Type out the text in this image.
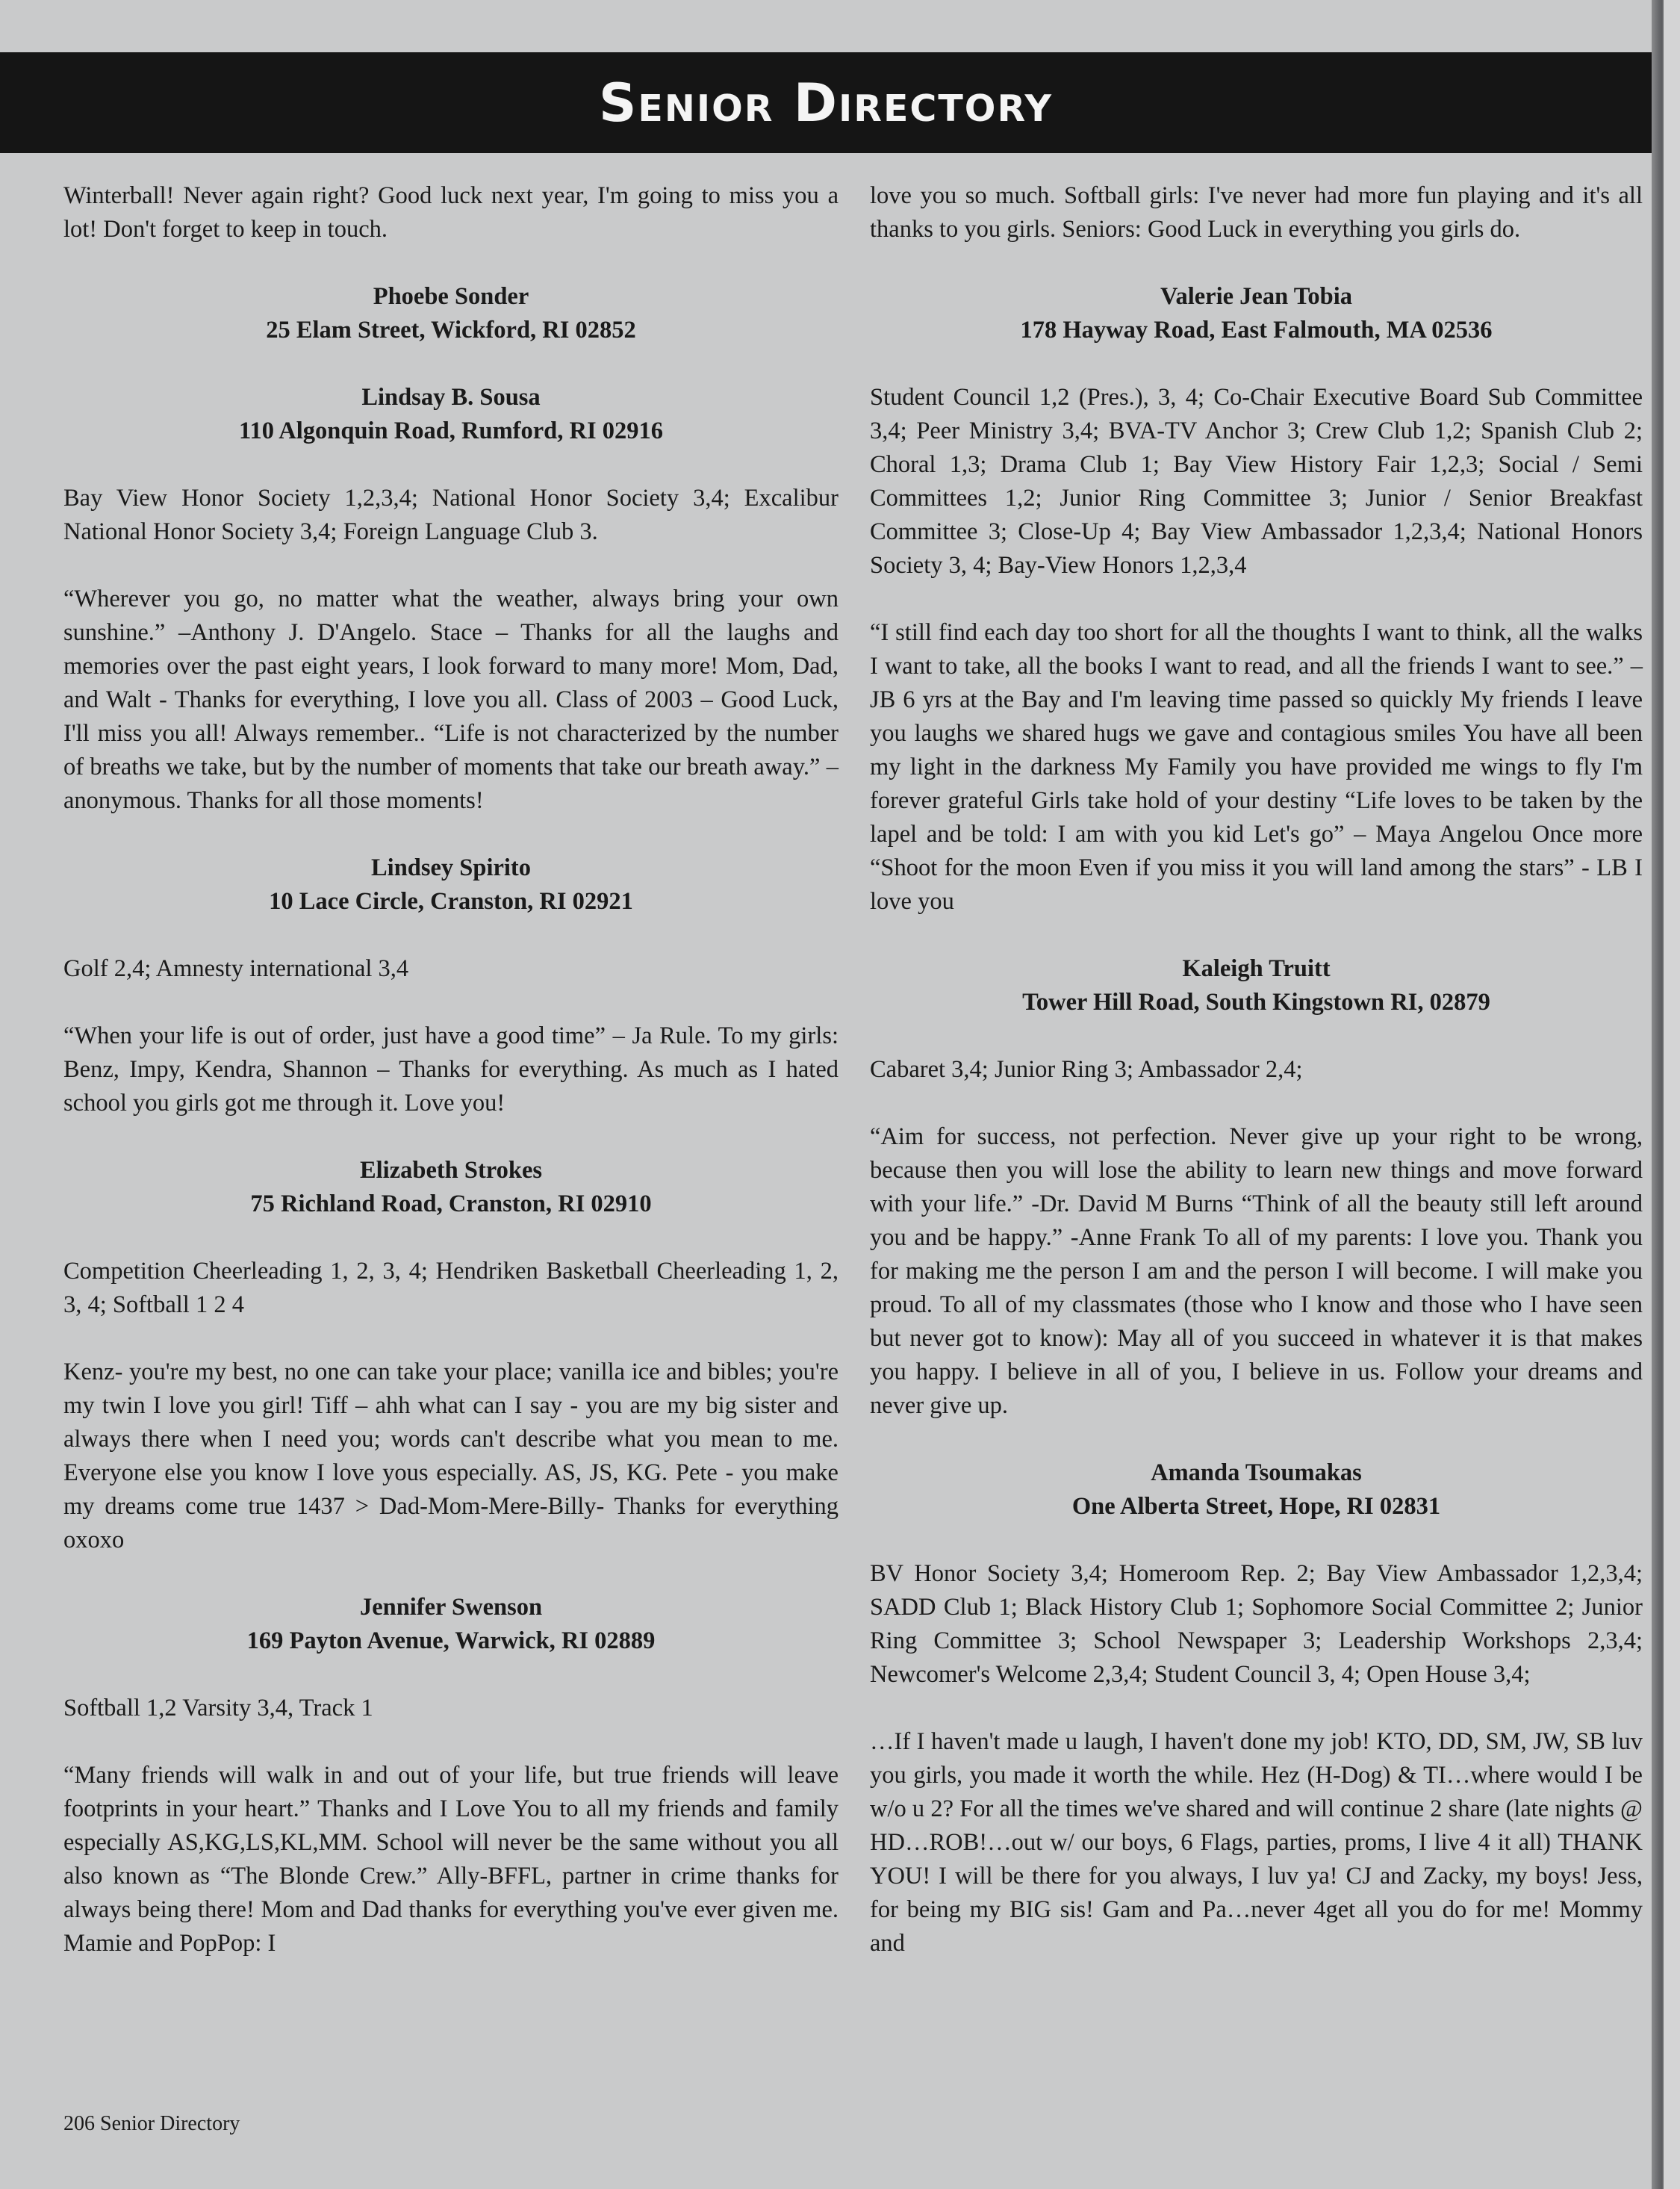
Senior Directory

Winterball! Never again right? Good luck next year, I'm going to miss you a lot! Don't forget to keep in touch.

Phoebe Sonder
25 Elam Street, Wickford, RI 02852
Lindsay B. Sousa
110 Algonquin Road, Rumford, RI 02916

Bay View Honor Society 1,2,3,4; National Honor Society 3,4; Excalibur National Honor Society 3,4; Foreign Language Club 3.

“Wherever you go, no matter what the weather, always bring your own sunshine.” –Anthony J. D'Angelo. Stace – Thanks for all the laughs and memories over the past eight years, I look forward to many more! Mom, Dad, and Walt - Thanks for everything, I love you all. Class of 2003 – Good Luck, I'll miss you all! Always remember.. “Life is not characterized by the number of breaths we take, but by the number of moments that take our breath away.” –anonymous. Thanks for all those moments!

Lindsey Spirito
10 Lace Circle, Cranston, RI 02921

Golf 2,4; Amnesty international 3,4

“When your life is out of order, just have a good time” – Ja Rule. To my girls: Benz, Impy, Kendra, Shannon – Thanks for everything. As much as I hated school you girls got me through it. Love you!

Elizabeth Strokes
75 Richland Road, Cranston, RI 02910

Competition Cheerleading 1, 2, 3, 4; Hendriken Basketball Cheerleading 1, 2, 3, 4; Softball 1 2 4

Kenz- you're my best, no one can take your place; vanilla ice and bibles; you're my twin I love you girl! Tiff – ahh what can I say - you are my big sister and always there when I need you; words can't describe what you mean to me. Everyone else you know I love yous especially. AS, JS, KG. Pete - you make my dreams come true 1437 > Dad-Mom-Mere-Billy- Thanks for everything oxoxo

Jennifer Swenson
169 Payton Avenue, Warwick, RI 02889

Softball 1,2 Varsity 3,4, Track 1

“Many friends will walk in and out of your life, but true friends will leave footprints in your heart.” Thanks and I Love You to all my friends and family especially AS,KG,LS,KL,MM. School will never be the same without you all also known as “The Blonde Crew.” Ally-BFFL, partner in crime thanks for always being there! Mom and Dad thanks for everything you've ever given me. Mamie and PopPop: I

love you so much. Softball girls: I've never had more fun playing and it's all thanks to you girls. Seniors: Good Luck in everything you girls do.

Valerie Jean Tobia
178 Hayway Road, East Falmouth, MA 02536

Student Council 1,2 (Pres.), 3, 4; Co-Chair Executive Board Sub Committee 3,4; Peer Ministry 3,4; BVA-TV Anchor 3; Crew Club 1,2; Spanish Club 2; Choral 1,3; Drama Club 1; Bay View History Fair 1,2,3; Social / Semi Committees 1,2; Junior Ring Committee 3; Junior / Senior Breakfast Committee 3; Close-Up 4; Bay View Ambassador 1,2,3,4; National Honors Society 3, 4; Bay-View Honors 1,2,3,4

“I still find each day too short for all the thoughts I want to think, all the walks I want to take, all the books I want to read, and all the friends I want to see.” –JB 6 yrs at the Bay and I'm leaving time passed so quickly My friends I leave you laughs we shared hugs we gave and contagious smiles You have all been my light in the darkness My Family you have provided me wings to fly I'm forever grateful Girls take hold of your destiny “Life loves to be taken by the lapel and be told: I am with you kid Let's go” – Maya Angelou Once more “Shoot for the moon Even if you miss it you will land among the stars” - LB I love you

Kaleigh Truitt
Tower Hill Road, South Kingstown RI, 02879

Cabaret 3,4; Junior Ring 3; Ambassador 2,4;

“Aim for success, not perfection. Never give up your right to be wrong, because then you will lose the ability to learn new things and move forward with your life.” -Dr. David M Burns “Think of all the beauty still left around you and be happy.” -Anne Frank To all of my parents: I love you. Thank you for making me the person I am and the person I will become. I will make you proud. To all of my classmates (those who I know and those who I have seen but never got to know): May all of you succeed in whatever it is that makes you happy. I believe in all of you, I believe in us. Follow your dreams and never give up.

Amanda Tsoumakas
One Alberta Street, Hope, RI 02831

BV Honor Society 3,4; Homeroom Rep. 2; Bay View Ambassador 1,2,3,4; SADD Club 1; Black History Club 1; Sophomore Social Committee 2; Junior Ring Committee 3; School Newspaper 3; Leadership Workshops 2,3,4; Newcomer's Welcome 2,3,4; Student Council 3, 4; Open House 3,4;

…If I haven't made u laugh, I haven't done my job! KTO, DD, SM, JW, SB luv you girls, you made it worth the while. Hez (H-Dog) & TI…where would I be w/o u 2? For all the times we've shared and will continue 2 share (late nights @ HD…ROB!…out w/ our boys, 6 Flags, parties, proms, I live 4 it all) THANK YOU! I will be there for you always, I luv ya! CJ and Zacky, my boys! Jess, for being my BIG sis! Gam and Pa…never 4get all you do for me! Mommy and

206 Senior Directory
